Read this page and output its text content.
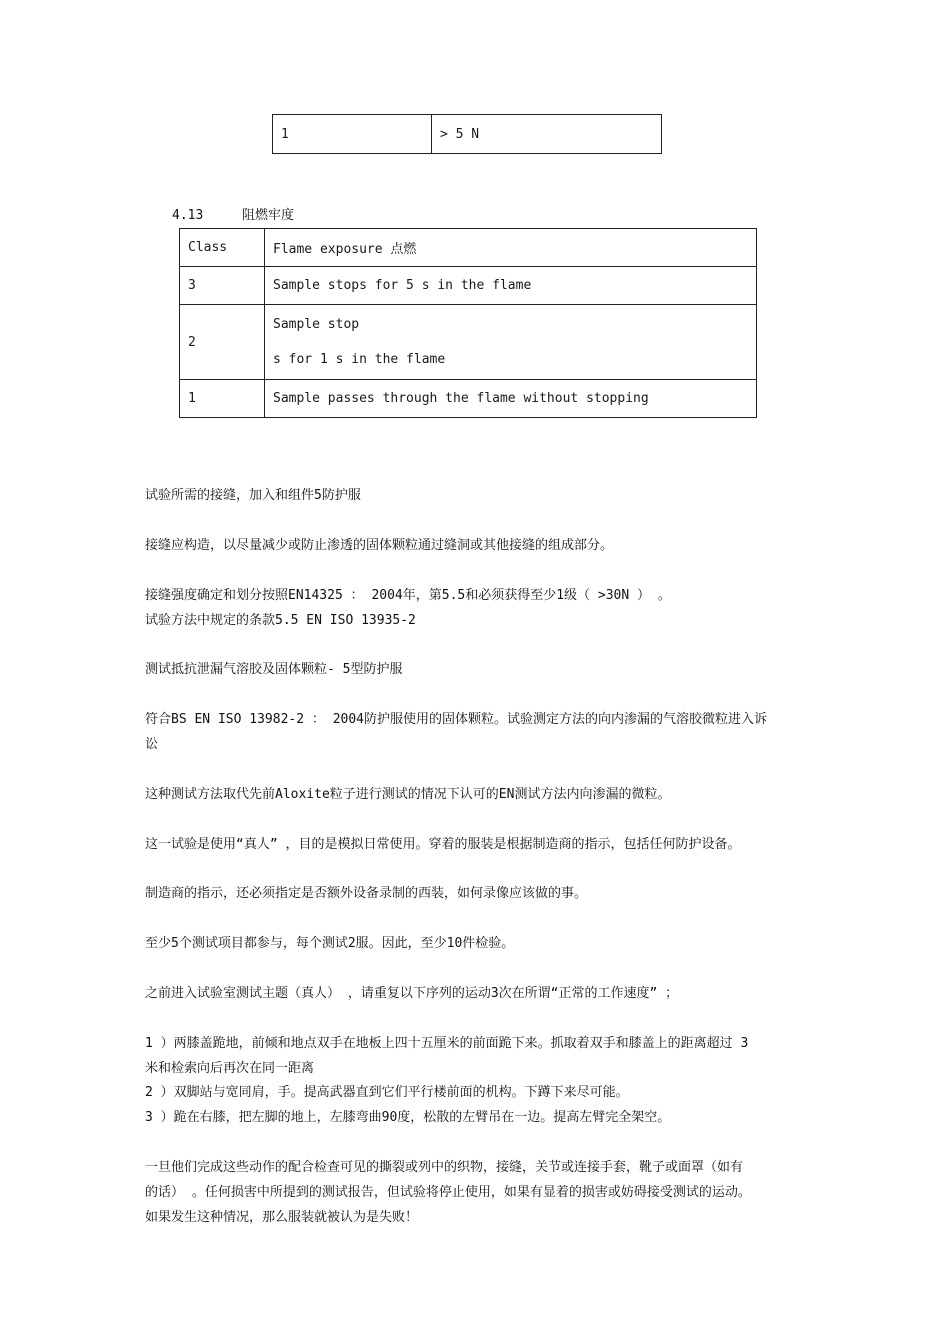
1	> 5 N
4.13	阻燃牢度
Class	Flame exposure 点燃
3	Sample stops for 5 s in the flame
2	Sample stop
s for 1 s in the flame

1	Sample passes through the flame without stopping
试验所需的接缝，加入和组件5防护服
接缝应构造，以尽量减少或防止渗透的固体颗粒通过缝洞或其他接缝的组成部分。
接缝强度确定和划分按照EN14325 ： 2004年，第5.5和必须获得至少1级（ >30N ） 。
试验方法中规定的条款5.5 EN ISO 13935-2
测试抵抗泄漏气溶胶及固体颗粒- 5型防护服
符合BS EN ISO 13982-2 ： 2004防护服使用的固体颗粒。试验测定方法的向内渗漏的气溶胶微粒进入诉
讼
这种测试方法取代先前Aloxite粒子进行测试的情况下认可的EN测试方法内向渗漏的微粒。
这一试验是使用“真人” ，目的是模拟日常使用。穿着的服装是根据制造商的指示，包括任何防护设备。
制造商的指示，还必须指定是否额外设备录制的西装，如何录像应该做的事。
至少5个测试项目都参与，每个测试2服。因此，至少10件检验。
之前进入试验室测试主题（真人） ，请重复以下序列的运动3次在所谓“正常的工作速度” ；
1 ）两膝盖跪地，前倾和地点双手在地板上四十五厘米的前面跪下来。抓取着双手和膝盖上的距离超过 3
米和检索向后再次在同一距离
2 ）双脚站与宽同肩，手。提高武器直到它们平行楼前面的机构。下蹲下来尽可能。
3 ）跪在右膝，把左脚的地上，左膝弯曲90度，松散的左臂吊在一边。提高左臂完全架空。
一旦他们完成这些动作的配合检查可见的撕裂或列中的织物，接缝，关节或连接手套，靴子或面罩（如有
的话） 。任何损害中所提到的测试报告，但试验将停止使用，如果有显着的损害或妨碍接受测试的运动。
如果发生这种情况，那么服装就被认为是失败！
